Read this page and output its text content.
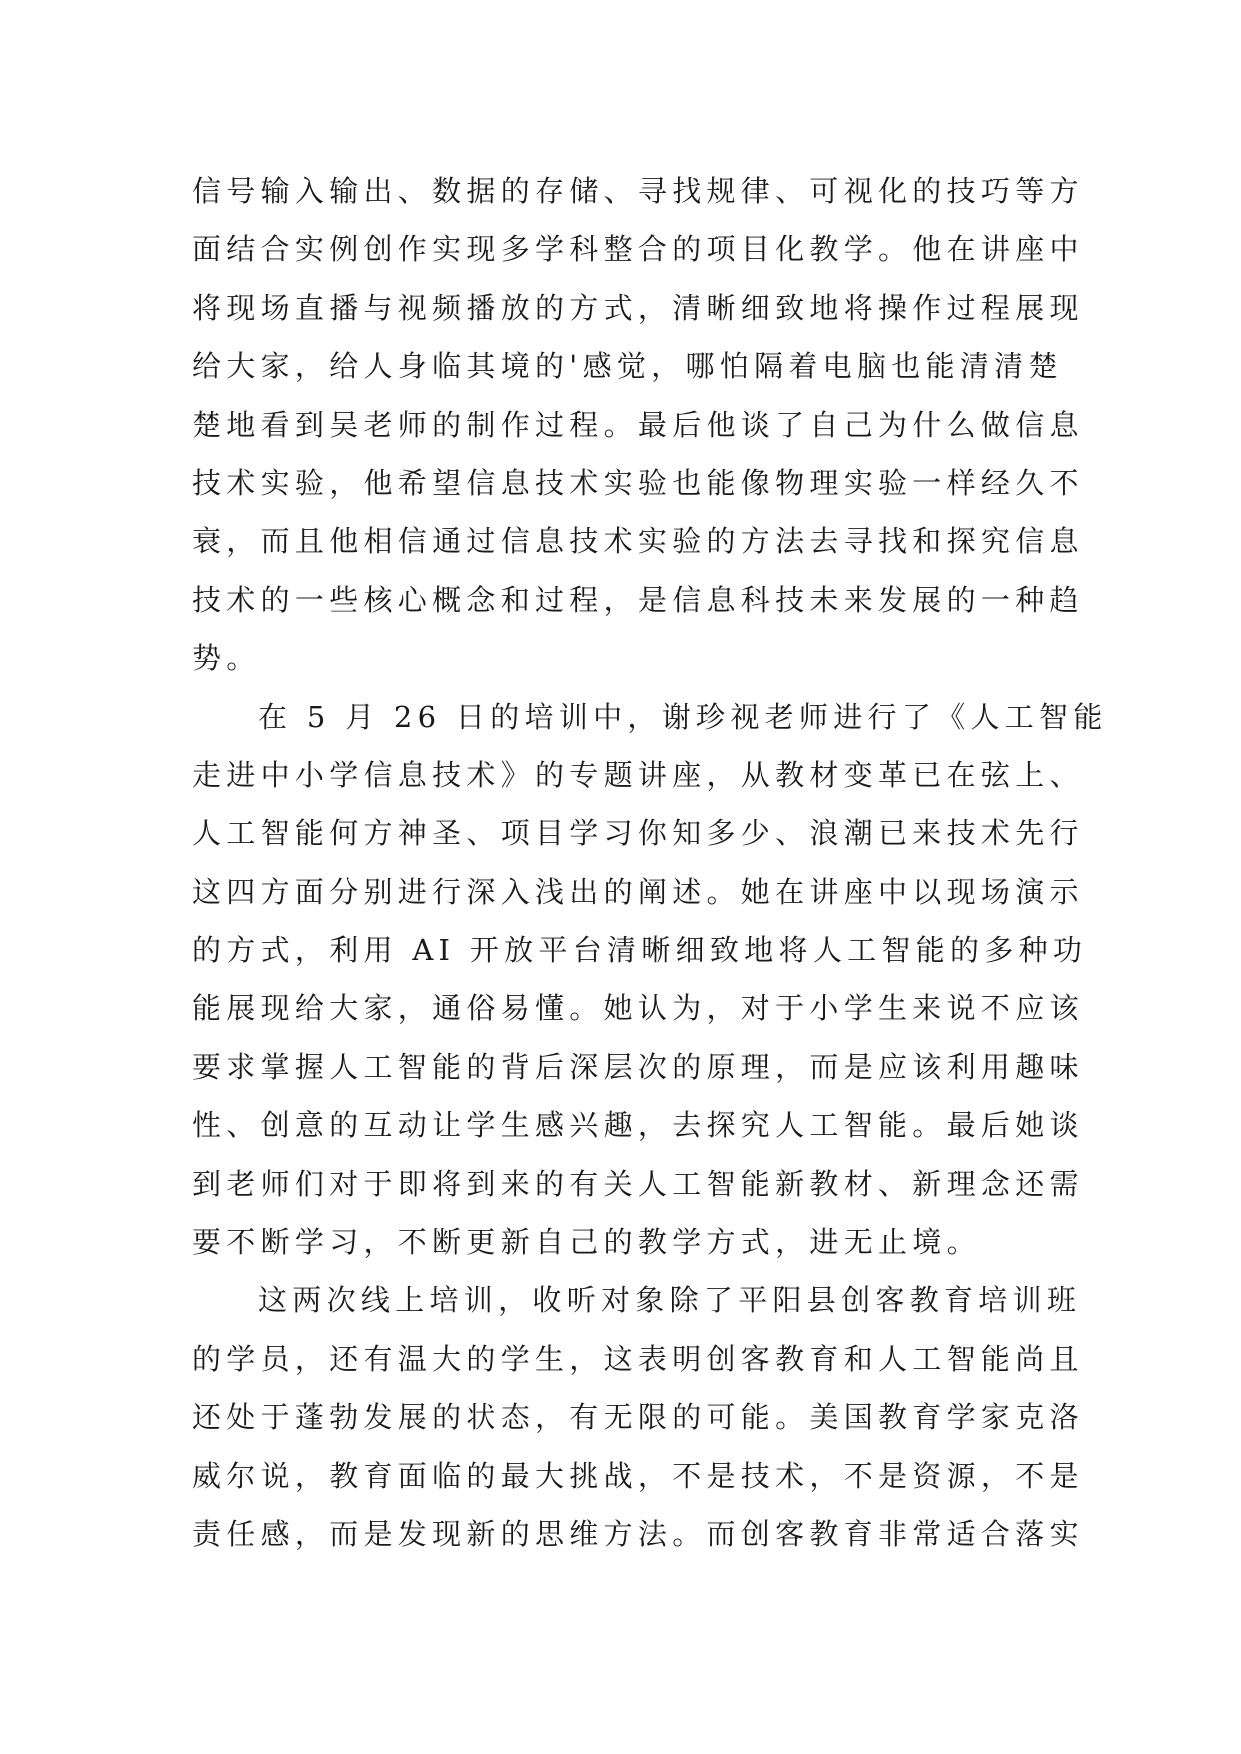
信号输入输出、数据的存储、寻找规律、可视化的技巧等方
面结合实例创作实现多学科整合的项目化教学。他在讲座中
将现场直播与视频播放的方式，清晰细致地将操作过程展现
给大家，给人身临其境的'感觉，哪怕隔着电脑也能清清楚
楚地看到吴老师的制作过程。最后他谈了自己为什么做信息
技术实验，他希望信息技术实验也能像物理实验一样经久不
衰，而且他相信通过信息技术实验的方法去寻找和探究信息
技术的一些核心概念和过程，是信息科技未来发展的一种趋
势。
在 5 月 26 日的培训中，谢珍视老师进行了《人工智能
走进中小学信息技术》的专题讲座，从教材变革已在弦上、
人工智能何方神圣、项目学习你知多少、浪潮已来技术先行
这四方面分别进行深入浅出的阐述。她在讲座中以现场演示
的方式，利用 AI 开放平台清晰细致地将人工智能的多种功
能展现给大家，通俗易懂。她认为，对于小学生来说不应该
要求掌握人工智能的背后深层次的原理，而是应该利用趣味
性、创意的互动让学生感兴趣，去探究人工智能。最后她谈
到老师们对于即将到来的有关人工智能新教材、新理念还需
要不断学习，不断更新自己的教学方式，进无止境。
这两次线上培训，收听对象除了平阳县创客教育培训班
的学员，还有温大的学生，这表明创客教育和人工智能尚且
还处于蓬勃发展的状态，有无限的可能。美国教育学家克洛
威尔说，教育面临的最大挑战，不是技术，不是资源，不是
责任感，而是发现新的思维方法。而创客教育非常适合落实
